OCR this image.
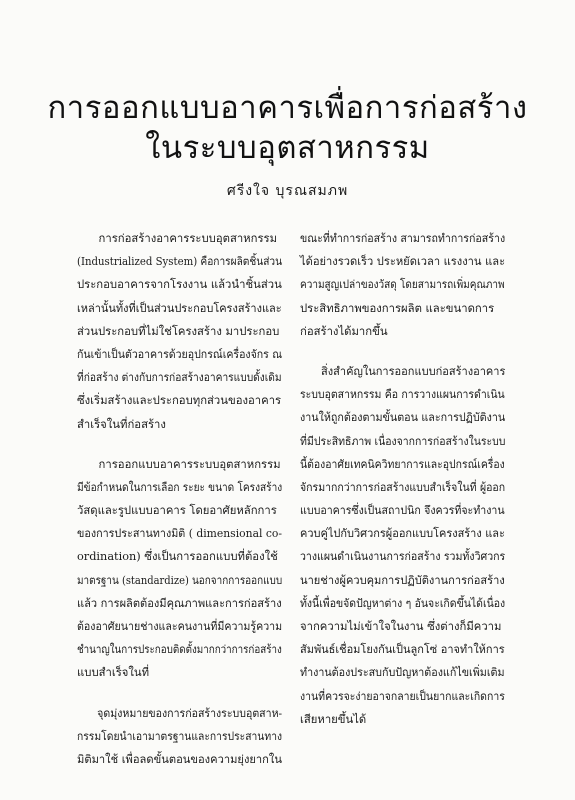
การออกแบบอาคารเพื่อการก่อสร้าง
ในระบบอุตสาหกรรม
ศรีงใจ บุรณสมภพ
การก่อสร้างอาคารระบบอุตสาหกรรม
(Industrialized System) คือการผลิตชิ้นส่วน
ประกอบอาคารจากโรงงาน แล้วนำชิ้นส่วน
เหล่านั้นทั้งที่เป็นส่วนประกอบโครงสร้างและ
ส่วนประกอบที่ไม่ใช่โครงสร้าง มาประกอบ
กันเข้าเป็นตัวอาคารด้วยอุปกรณ์เครื่องจักร ณ
ที่ก่อสร้าง ต่างกับการก่อสร้างอาคารแบบดั้งเดิม
ซึ่งเริ่มสร้างและประกอบทุกส่วนของอาคาร
สำเร็จในที่ก่อสร้าง
การออกแบบอาคารระบบอุตสาหกรรม
มีข้อกำหนดในการเลือก ระยะ ขนาด โครงสร้าง
วัสดุและรูปแบบอาคาร โดยอาศัยหลักการ
ของการประสานทางมิติ ( dimensional co-
ordination) ซึ่งเป็นการออกแบบที่ต้องใช้
มาตรฐาน (standardize) นอกจากการออกแบบ
แล้ว การผลิตต้องมีคุณภาพและการก่อสร้าง
ต้องอาศัยนายช่างและคนงานที่มีความรู้ความ
ชำนาญในการประกอบติดตั้งมากกว่าการก่อสร้าง
แบบสำเร็จในที่
จุดมุ่งหมายของการก่อสร้างระบบอุตสาห-
กรรมโดยนำเอามาตรฐานและการประสานทาง
มิติมาใช้ เพื่อลดขั้นตอนของความยุ่งยากใน
ขณะที่ทำการก่อสร้าง สามารถทำการก่อสร้าง
ได้อย่างรวดเร็ว ประหยัดเวลา แรงงาน และ
ความสูญเปล่าของวัสดุ โดยสามารถเพิ่มคุณภาพ
ประสิทธิภาพของการผลิต และขนาดการ
ก่อสร้างได้มากขึ้น
สิ่งสำคัญในการออกแบบก่อสร้างอาคาร
ระบบอุตสาหกรรม คือ การวางแผนการดำเนิน
งานให้ถูกต้องตามขั้นตอน และการปฏิบัติงาน
ที่มีประสิทธิภาพ เนื่องจากการก่อสร้างในระบบ
นี้ต้องอาศัยเทคนิควิทยาการและอุปกรณ์เครื่อง
จักรมากกว่าการก่อสร้างแบบสำเร็จในที่ ผู้ออก
แบบอาคารซึ่งเป็นสถาปนิก จึงควรที่จะทำงาน
ควบคู่ไปกับวิศวกรผู้ออกแบบโครงสร้าง และ
วางแผนดำเนินงานการก่อสร้าง รวมทั้งวิศวกร
นายช่างผู้ควบคุมการปฏิบัติงานการก่อสร้าง
ทั้งนี้เพื่อขจัดปัญหาต่าง ๆ อันจะเกิดขึ้นได้เนื่อง
จากความไม่เข้าใจในงาน ซึ่งต่างก็มีความ
สัมพันธ์เชื่อมโยงกันเป็นลูกโซ่ อาจทำให้การ
ทำงานต้องประสบกับปัญหาต้องแก้ไขเพิ่มเติม
งานที่ควรจะง่ายอาจกลายเป็นยากและเกิดการ
เสียหายขึ้นได้
